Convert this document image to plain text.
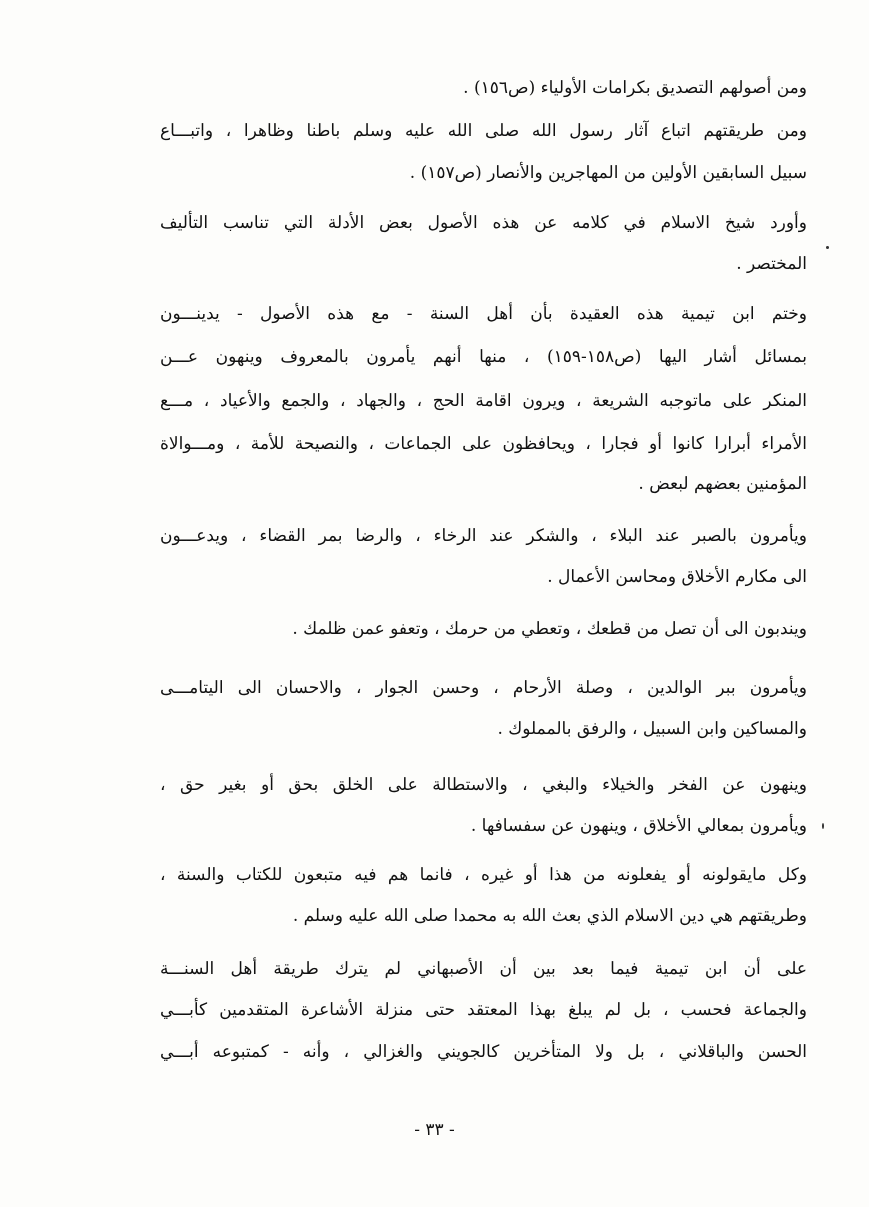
ومن أصولهم التصديق بكرامات الأولياء (ص١٥٦) .
ومن طريقتهم اتباع آثار رسول الله صلى الله عليه وسلم باطنا وظاهرا ، واتبـــاع
سبيل السابقين الأولين من المهاجرين والأنصار (ص١٥٧) .
وأورد شيخ الاسلام في كلامه عن هذه الأصول بعض الأدلة التي تناسب التأليف
المختصر .
وختم ابن تيمية هذه العقيدة بأن أهل السنة - مع هذه الأصول - يدينـــون
بمسائل أشار اليها (ص١٥٨-١٥٩) ، منها أنهم يأمرون بالمعروف وينهون عـــن
المنكر على ماتوجبه الشريعة ، ويرون اقامة الحج ، والجهاد ، والجمع والأعياد ، مـــع
الأمراء أبرارا كانوا أو فجارا ، ويحافظون على الجماعات ، والنصيحة للأمة ، ومـــوالاة
المؤمنين بعضهم لبعض .
ويأمرون بالصبر عند البلاء ، والشكر عند الرخاء ، والرضا بمر القضاء ، ويدعـــون
الى مكارم الأخلاق ومحاسن الأعمال .
ويندبون الى أن تصل من قطعك ، وتعطي من حرمك ، وتعفو عمن ظلمك .
ويأمرون ببر الوالدين ، وصلة الأرحام ، وحسن الجوار ، والاحسان الى اليتامـــى
والمساكين وابن السبيل ، والرفق بالمملوك .
وينهون عن الفخر والخيلاء والبغي ، والاستطالة على الخلق بحق أو بغير حق ،
ويأمرون بمعالي الأخلاق ، وينهون عن سفسافها .
وكل مايقولونه أو يفعلونه من هذا أو غيره ، فانما هم فيه متبعون للكتاب والسنة ،
وطريقتهم هي دين الاسلام الذي بعث الله به محمدا صلى الله عليه وسلم .
على أن ابن تيمية فيما بعد بين أن الأصبهاني لم يترك طريقة أهل السنـــة
والجماعة فحسب ، بل لم يبلغ بهذا المعتقد حتى منزلة الأشاعرة المتقدمين كأبـــي
الحسن والباقلاني ، بل ولا المتأخرين كالجويني والغزالي ، وأنه - كمتبوعه أبـــي
- ٣٣ -
